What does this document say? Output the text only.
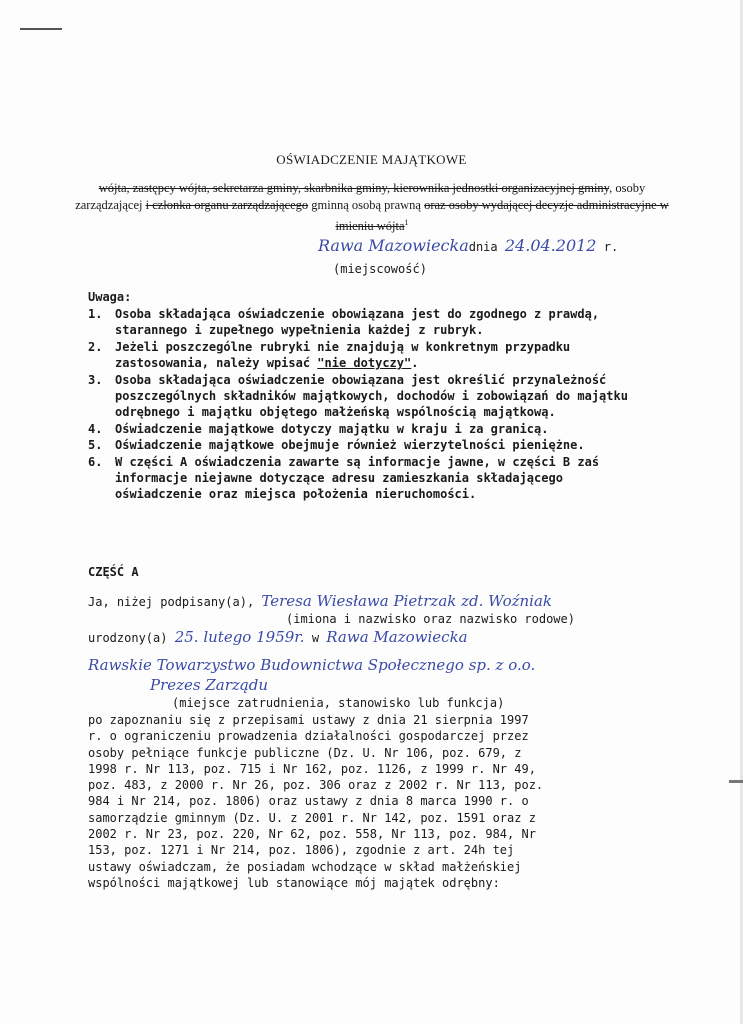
OŚWIADCZENIE MAJĄTKOWE
wójta, zastępcy wójta, sekretarza gminy, skarbnika gminy, kierownika jednostki organizacyjnej gminy, osoby zarządzającej i członka organu zarządzającego gminną osobą prawną oraz osoby wydającej decyzje administracyjne w imieniu wójta$^1$
Rawa Mazowieckadnia 24.04.2012 r.
(miejscowość)
Uwaga:
1.	Osoba składająca oświadczenie obowiązana jest do zgodnego z prawdą, starannego i zupełnego wypełnienia każdej z rubryk.
2.	Jeżeli poszczególne rubryki nie znajdują w konkretnym przypadku zastosowania, należy wpisać "nie dotyczy".
3.	Osoba składająca oświadczenie obowiązana jest określić przynależność poszczególnych składników majątkowych, dochodów i zobowiązań do majątku odrębnego i majątku objętego małżeńską wspólnością majątkową.
4.	Oświadczenie majątkowe dotyczy majątku w kraju i za granicą.
5.	Oświadczenie majątkowe obejmuje również wierzytelności pieniężne.
6.	W części A oświadczenia zawarte są informacje jawne, w części B zaś informacje niejawne dotyczące adresu zamieszkania składającego oświadczenie oraz miejsca położenia nieruchomości.
CZĘŚĆ A
Ja, niżej podpisany(a), Teresa Wiesława Pietrzak zd. Woźniak
(imiona i nazwisko oraz nazwisko rodowe)
urodzony(a) 25. lutego 1959r. w Rawa Mazowiecka
Rawskie Towarzystwo Budownictwa Społecznego sp. z o.o.
Prezes Zarządu
(miejsce zatrudnienia, stanowisko lub funkcja)
po zapoznaniu się z przepisami ustawy z dnia 21 sierpnia 1997
r. o ograniczeniu prowadzenia działalności gospodarczej przez
osoby pełniące funkcje publiczne (Dz. U. Nr 106, poz. 679, z
1998 r. Nr 113, poz. 715 i Nr 162, poz. 1126, z 1999 r. Nr 49,
poz. 483, z 2000 r. Nr 26, poz. 306 oraz z 2002 r. Nr 113, poz.
984 i Nr 214, poz. 1806) oraz ustawy z dnia 8 marca 1990 r. o
samorządzie gminnym (Dz. U. z 2001 r. Nr 142, poz. 1591 oraz z
2002 r. Nr 23, poz. 220, Nr 62, poz. 558, Nr 113, poz. 984, Nr
153, poz. 1271 i Nr 214, poz. 1806), zgodnie z art. 24h tej
ustawy oświadczam, że posiadam wchodzące w skład małżeńskiej
wspólności majątkowej lub stanowiące mój majątek odrębny:
